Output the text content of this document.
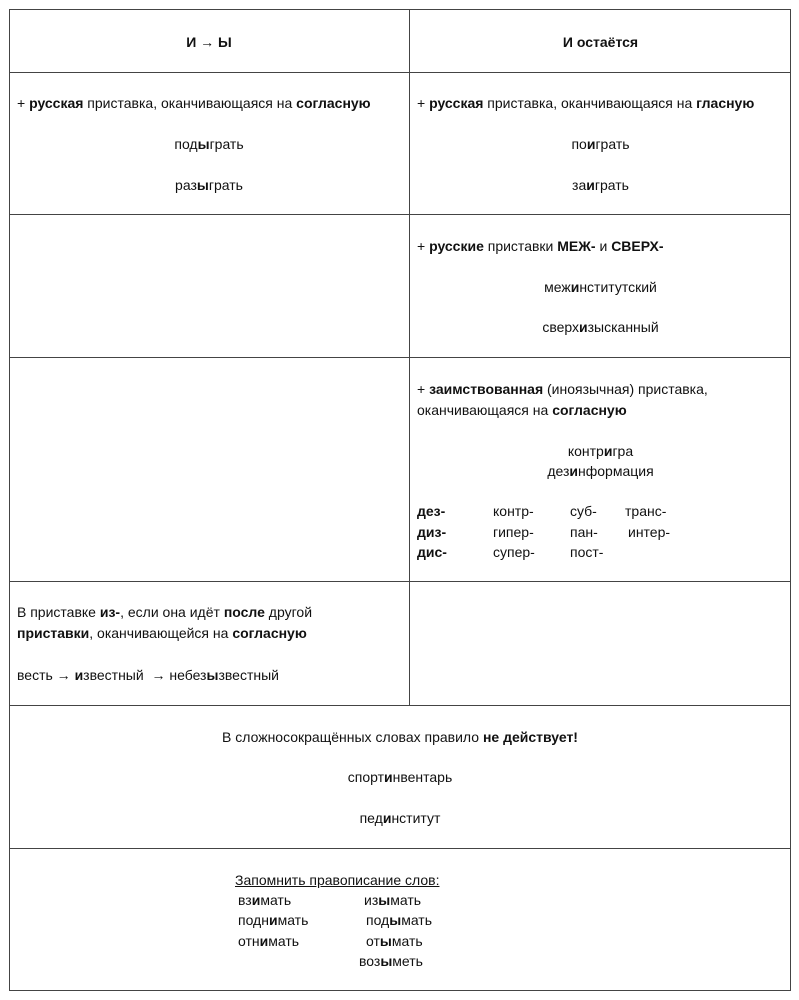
И → Ы	И остаётся
+ русская приставка, оканчивающаяся на согласную
подыграть
разыграть
+ русская приставка, оканчивающаяся на гласную
поиграть
заиграть
+ русские приставки МЕЖ- и СВЕРХ-
межинститутский
сверхизысканный
+ заимствованная (иноязычная) приставка,
оканчивающаяся на согласную
контригра
дезинформация
дез-
диз-
дис-
контр-
гипер-
супер-
суб-
пан-
пост-
транс-
интер-
В приставке из-, если она идёт после другой
приставки, оканчивающейся на согласную
весть → известный  → небезызвестный
В сложносокращённых словах правило не действует!
спортинвентарь
пединститут
Запомнить правописание слов:
взимать
поднимать
отнимать
изымать
подымать
отымать
возыметь
